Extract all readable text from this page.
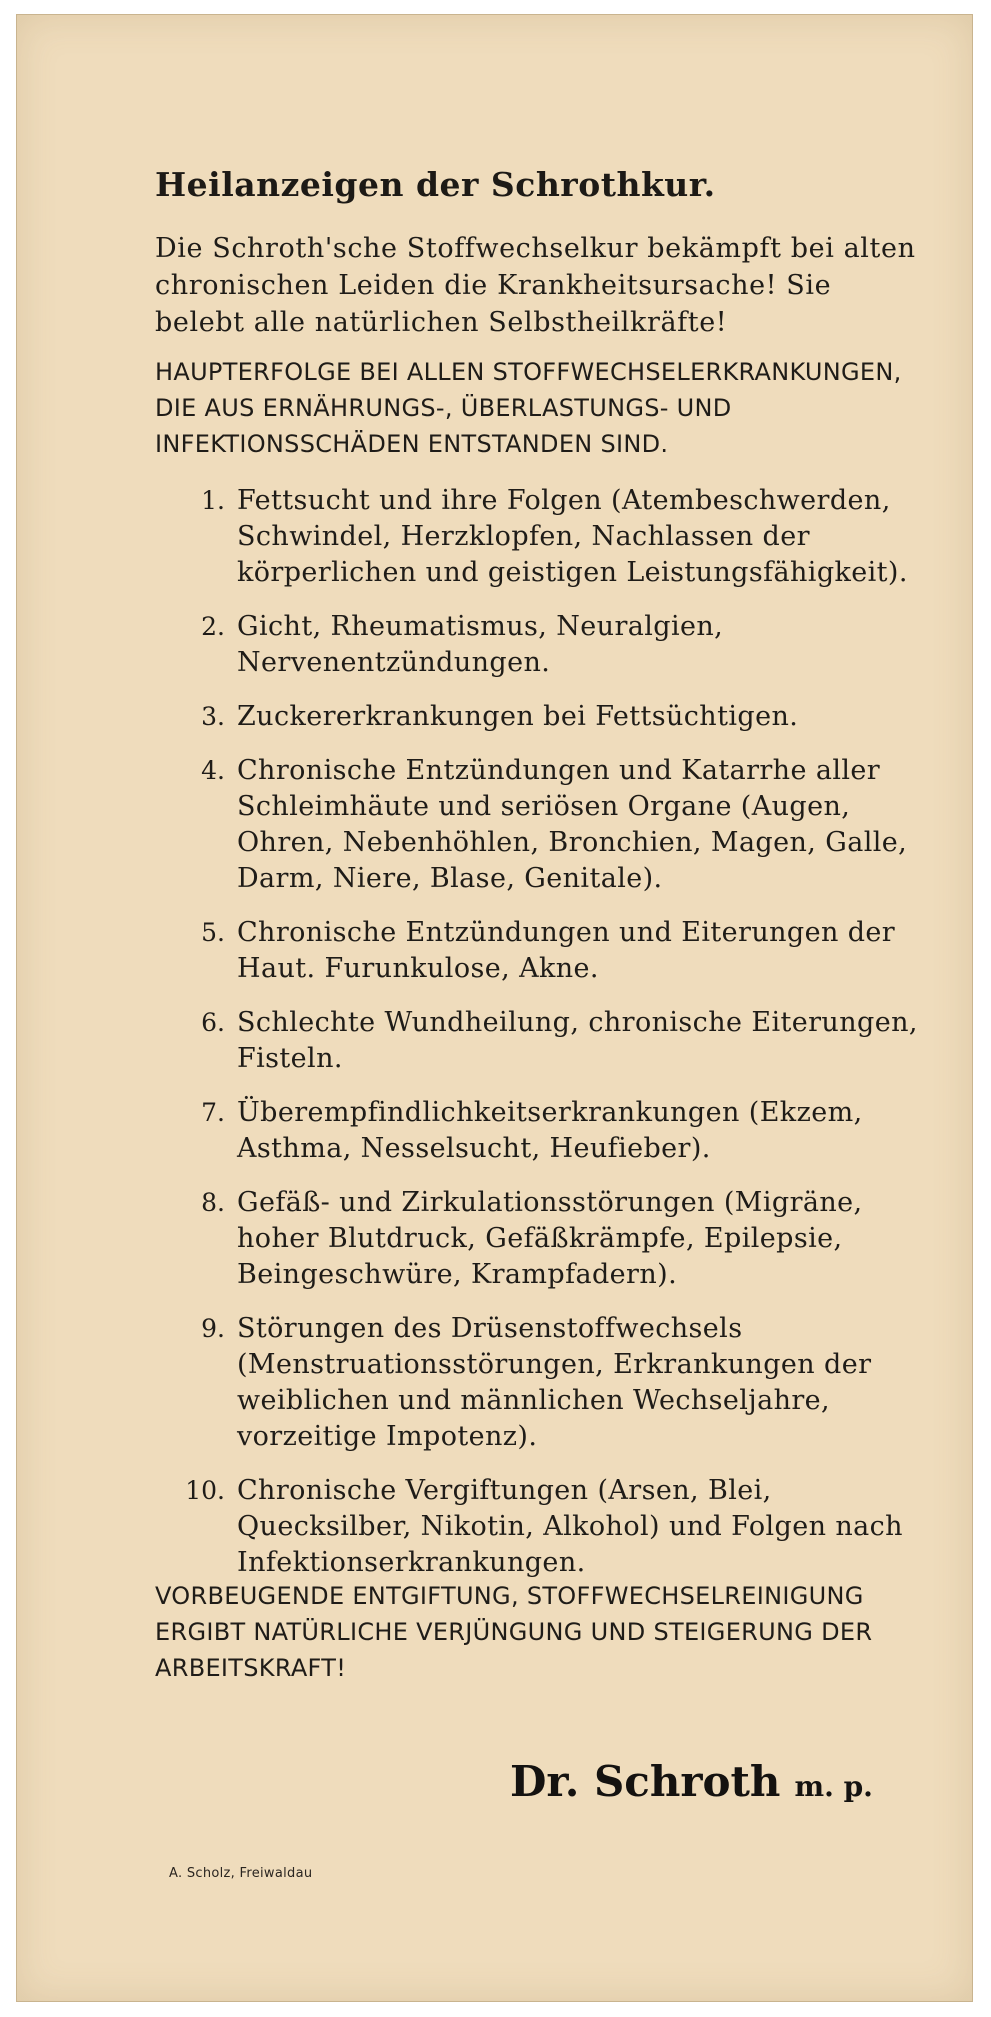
Heilanzeigen der Schrothkur.

Die Schroth'sche Stoffwechselkur bekämpft bei alten chronischen Leiden die Krankheitsursache! Sie belebt alle natürlichen Selbstheilkräfte!

HAUPTERFOLGE BEI ALLEN STOFFWECHSELERKRANKUNGEN, DIE AUS ERNÄHRUNGS-, ÜBERLASTUNGS- UND INFEKTIONSSCHÄDEN ENTSTANDEN SIND.

1. Fettsucht und ihre Folgen (Atembeschwerden, Schwindel, Herzklopfen, Nachlassen der körperlichen und geistigen Leistungsfähigkeit).
2. Gicht, Rheumatismus, Neuralgien, Nervenentzündungen.
3. Zuckererkrankungen bei Fettsüchtigen.
4. Chronische Entzündungen und Katarrhe aller Schleimhäute und seriösen Organe (Augen, Ohren, Nebenhöhlen, Bronchien, Magen, Galle, Darm, Niere, Blase, Genitale).
5. Chronische Entzündungen und Eiterungen der Haut. Furunkulose, Akne.
6. Schlechte Wundheilung, chronische Eiterungen, Fisteln.
7. Überempfindlichkeitserkrankungen (Ekzem, Asthma, Nesselsucht, Heufieber).
8. Gefäß- und Zirkulationsstörungen (Migräne, hoher Blutdruck, Gefäßkrämpfe, Epilepsie, Beingeschwüre, Krampfadern).
9. Störungen des Drüsenstoffwechsels (Menstruationsstörungen, Erkrankungen der weiblichen und männlichen Wechseljahre, vorzeitige Impotenz).
10. Chronische Vergiftungen (Arsen, Blei, Quecksilber, Nikotin, Alkohol) und Folgen nach Infektionserkrankungen.

VORBEUGENDE ENTGIFTUNG, STOFFWECHSELREINIGUNG ERGIBT NATÜRLICHE VERJÜNGUNG UND STEIGERUNG DER ARBEITSKRAFT!

Dr. Schroth m. p.

A. Scholz, Freiwaldau
